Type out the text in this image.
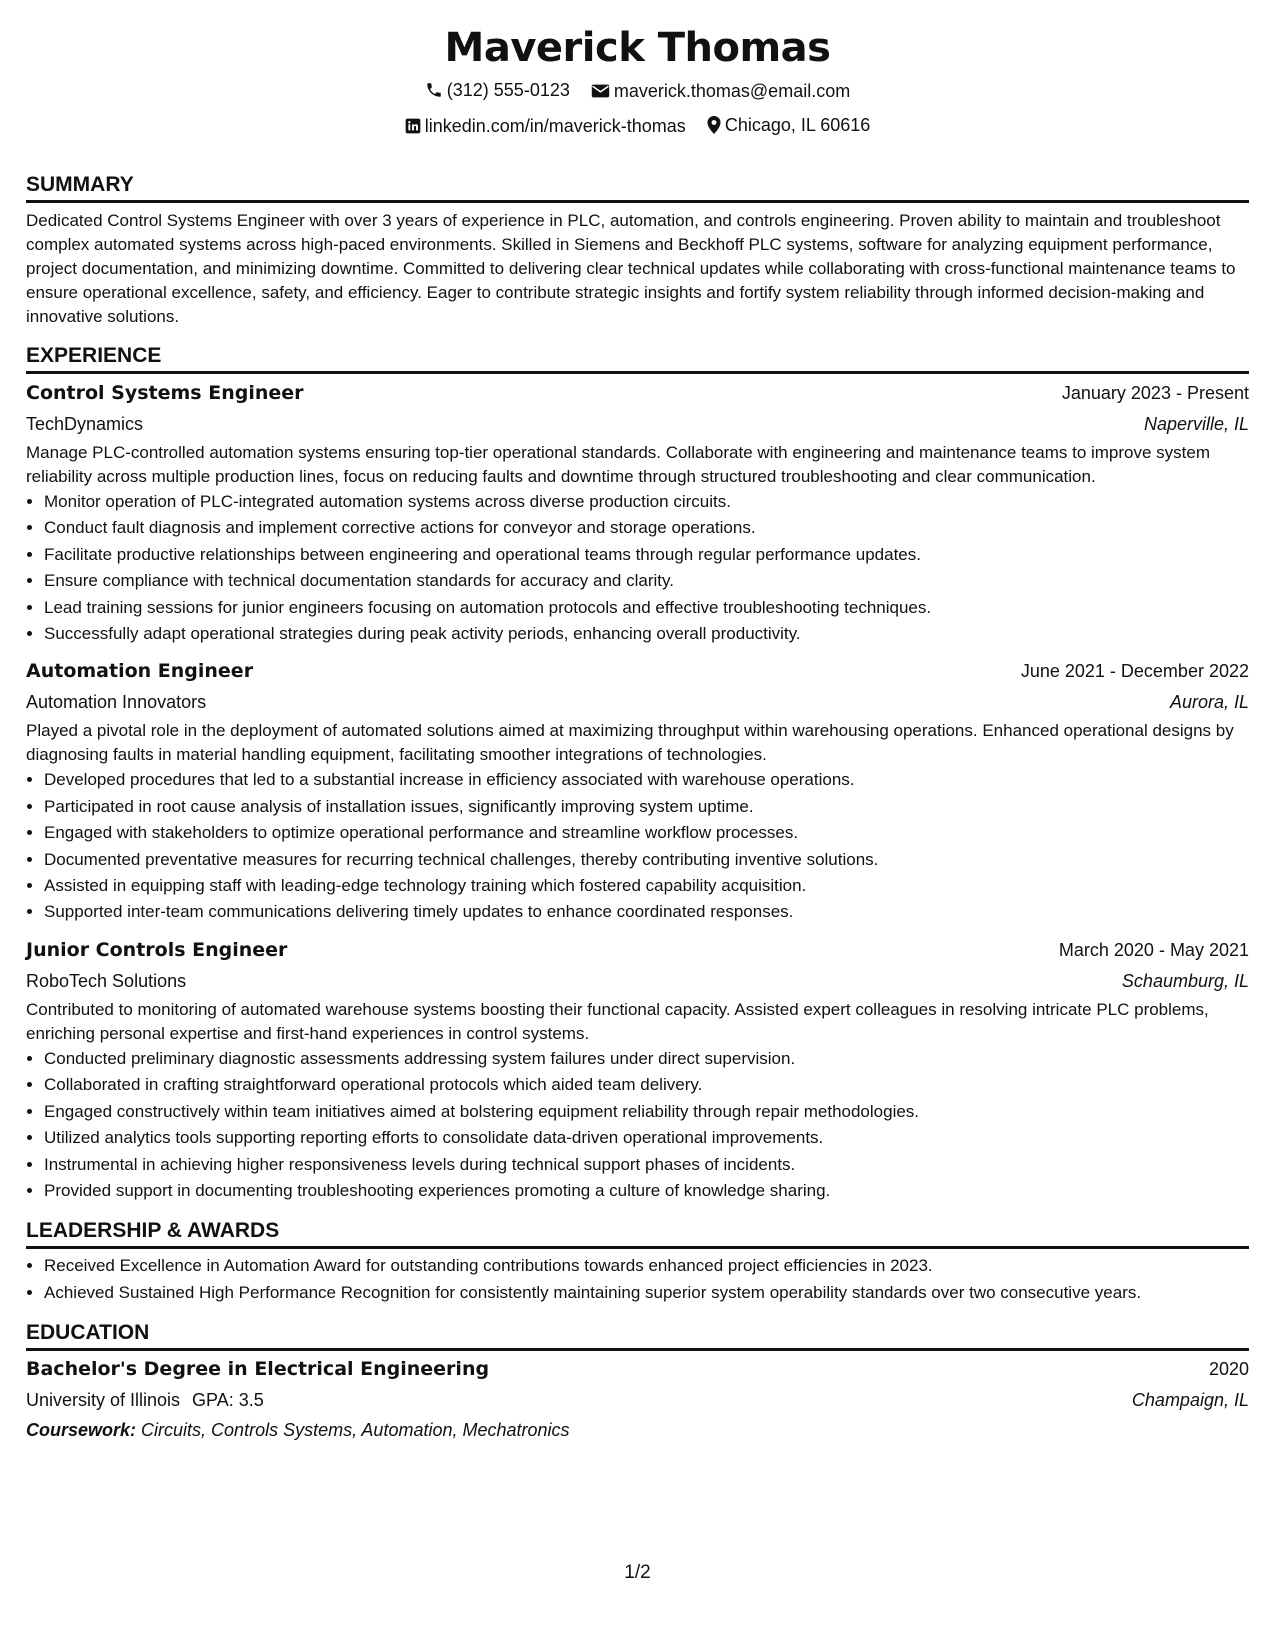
Maverick Thomas
(312) 555-0123
maverick.thomas@email.com
linkedin.com/in/maverick-thomas
Chicago, IL 60616
SUMMARY

Dedicated Control Systems Engineer with over 3 years of experience in PLC, automation, and controls engineering. Proven ability to maintain and troubleshoot complex automated systems across high-paced environments. Skilled in Siemens and Beckhoff PLC systems, software for analyzing equipment performance, project documentation, and minimizing downtime. Committed to delivering clear technical updates while collaborating with cross-functional maintenance teams to ensure operational excellence, safety, and efficiency. Eager to contribute strategic insights and fortify system reliability through informed decision-making and innovative solutions.

EXPERIENCE
Control Systems Engineer	January 2023 - Present
TechDynamics	Naperville, IL

Manage PLC-controlled automation systems ensuring top-tier operational standards. Collaborate with engineering and maintenance teams to improve system reliability across multiple production lines, focus on reducing faults and downtime through structured troubleshooting and clear communication.

• Monitor operation of PLC-integrated automation systems across diverse production circuits.
• Conduct fault diagnosis and implement corrective actions for conveyor and storage operations.
• Facilitate productive relationships between engineering and operational teams through regular performance updates.
• Ensure compliance with technical documentation standards for accuracy and clarity.
• Lead training sessions for junior engineers focusing on automation protocols and effective troubleshooting techniques.
• Successfully adapt operational strategies during peak activity periods, enhancing overall productivity.
Automation Engineer	June 2021 - December 2022
Automation Innovators	Aurora, IL

Played a pivotal role in the deployment of automated solutions aimed at maximizing throughput within warehousing operations. Enhanced operational designs by diagnosing faults in material handling equipment, facilitating smoother integrations of technologies.

• Developed procedures that led to a substantial increase in efficiency associated with warehouse operations.
• Participated in root cause analysis of installation issues, significantly improving system uptime.
• Engaged with stakeholders to optimize operational performance and streamline workflow processes.
• Documented preventative measures for recurring technical challenges, thereby contributing inventive solutions.
• Assisted in equipping staff with leading-edge technology training which fostered capability acquisition.
• Supported inter-team communications delivering timely updates to enhance coordinated responses.
Junior Controls Engineer	March 2020 - May 2021
RoboTech Solutions	Schaumburg, IL

Contributed to monitoring of automated warehouse systems boosting their functional capacity. Assisted expert colleagues in resolving intricate PLC problems, enriching personal expertise and first-hand experiences in control systems.

• Conducted preliminary diagnostic assessments addressing system failures under direct supervision.
• Collaborated in crafting straightforward operational protocols which aided team delivery.
• Engaged constructively within team initiatives aimed at bolstering equipment reliability through repair methodologies.
• Utilized analytics tools supporting reporting efforts to consolidate data-driven operational improvements.
• Instrumental in achieving higher responsiveness levels during technical support phases of incidents.
• Provided support in documenting troubleshooting experiences promoting a culture of knowledge sharing.
LEADERSHIP & AWARDS
• Received Excellence in Automation Award for outstanding contributions towards enhanced project efficiencies in 2023.
• Achieved Sustained High Performance Recognition for consistently maintaining superior system operability standards over two consecutive years.
EDUCATION
Bachelor's Degree in Electrical Engineering	2020
University of Illinois GPA: 3.5	Champaign, IL
Coursework: Circuits, Controls Systems, Automation, Mechatronics
1/2
